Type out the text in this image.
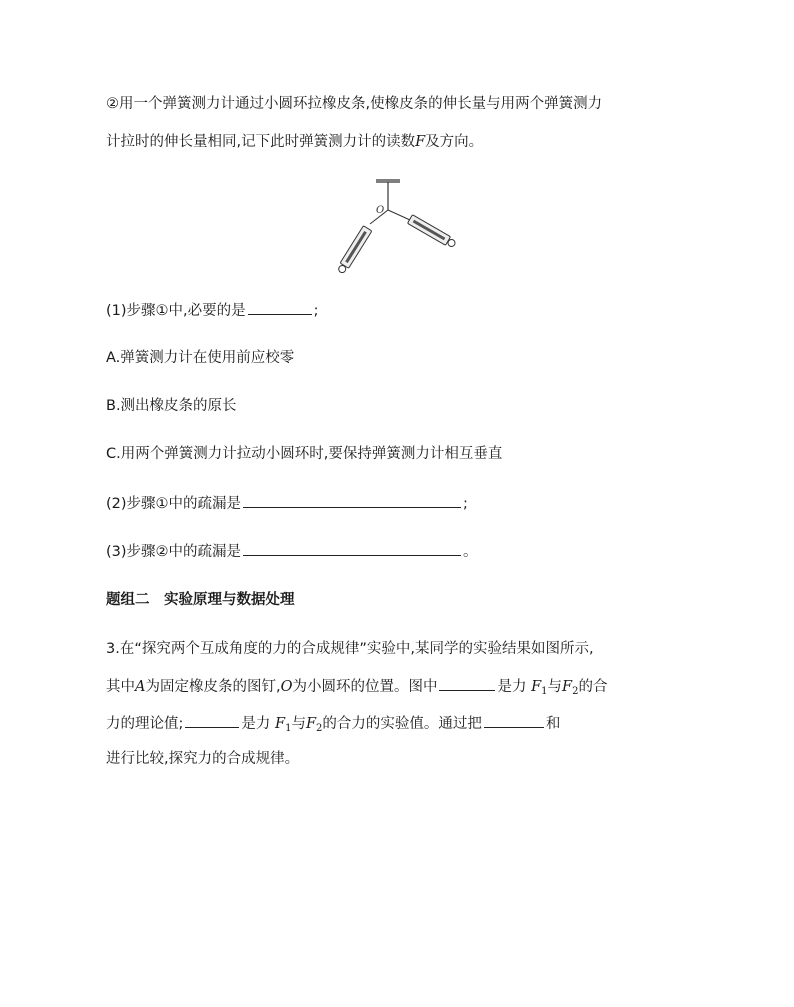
②用一个弹簧测力计通过小圆环拉橡皮条,使橡皮条的伸长量与用两个弹簧测力
计拉时的伸长量相同,记下此时弹簧测力计的读数F及方向。
O
(1)步骤①中,必要的是	;
A.弹簧测力计在使用前应校零
B.测出橡皮条的原长
C.用两个弹簧测力计拉动小圆环时,要保持弹簧测力计相互垂直
(2)步骤①中的疏漏是	;
(3)步骤②中的疏漏是	。
题组二　实验原理与数据处理
3.在“探究两个互成角度的力的合成规律”实验中,某同学的实验结果如图所示,
其中A为固定橡皮条的图钉,O为小圆环的位置。图中	是力 $F_1$与$F_2$的合
力的理论值;	是力 $F_1$与$F_2$的合力的实验值。通过把	和
进行比较,探究力的合成规律。
